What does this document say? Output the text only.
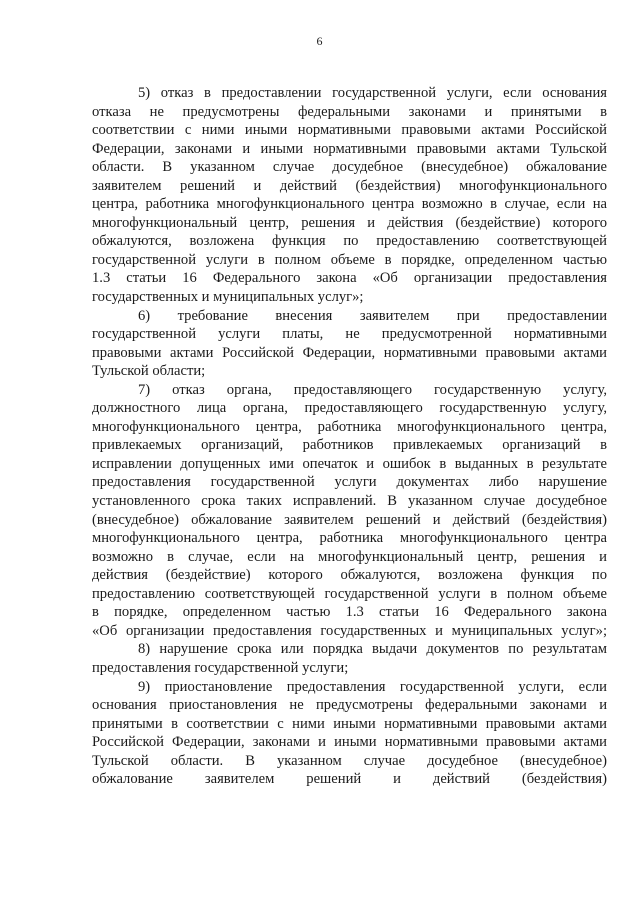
6
5) отказ в предоставлении государственной услуги, если основания
отказа не предусмотрены федеральными законами и принятыми в
соответствии с ними иными нормативными правовыми актами Российской
Федерации, законами и иными нормативными правовыми актами Тульской
области. В указанном случае досудебное (внесудебное) обжалование
заявителем решений и действий (бездействия) многофункционального
центра, работника многофункционального центра возможно в случае, если на
многофункциональный центр, решения и действия (бездействие) которого
обжалуются, возложена функция по предоставлению соответствующей
государственной услуги в полном объеме в порядке, определенном частью
1.3 статьи 16 Федерального закона «Об организации предоставления
государственных и муниципальных услуг»;
6) требование внесения заявителем при предоставлении
государственной услуги платы, не предусмотренной нормативными
правовыми актами Российской Федерации, нормативными правовыми актами
Тульской области;
7) отказ органа, предоставляющего государственную услугу,
должностного лица органа, предоставляющего государственную услугу,
многофункционального центра, работника многофункционального центра,
привлекаемых организаций, работников привлекаемых организаций в
исправлении допущенных ими опечаток и ошибок в выданных в результате
предоставления государственной услуги документах либо нарушение
установленного срока таких исправлений. В указанном случае досудебное
(внесудебное) обжалование заявителем решений и действий (бездействия)
многофункционального центра, работника многофункционального центра
возможно в случае, если на многофункциональный центр, решения и
действия (бездействие) которого обжалуются, возложена функция по
предоставлению соответствующей государственной услуги в полном объеме
в порядке, определенном частью 1.3 статьи 16 Федерального закона
«Об организации предоставления государственных и муниципальных услуг»;
8) нарушение срока или порядка выдачи документов по результатам
предоставления государственной услуги;
9) приостановление предоставления государственной услуги, если
основания приостановления не предусмотрены федеральными законами и
принятыми в соответствии с ними иными нормативными правовыми актами
Российской Федерации, законами и иными нормативными правовыми актами
Тульской области. В указанном случае досудебное (внесудебное)
обжалование заявителем решений и действий (бездействия)
